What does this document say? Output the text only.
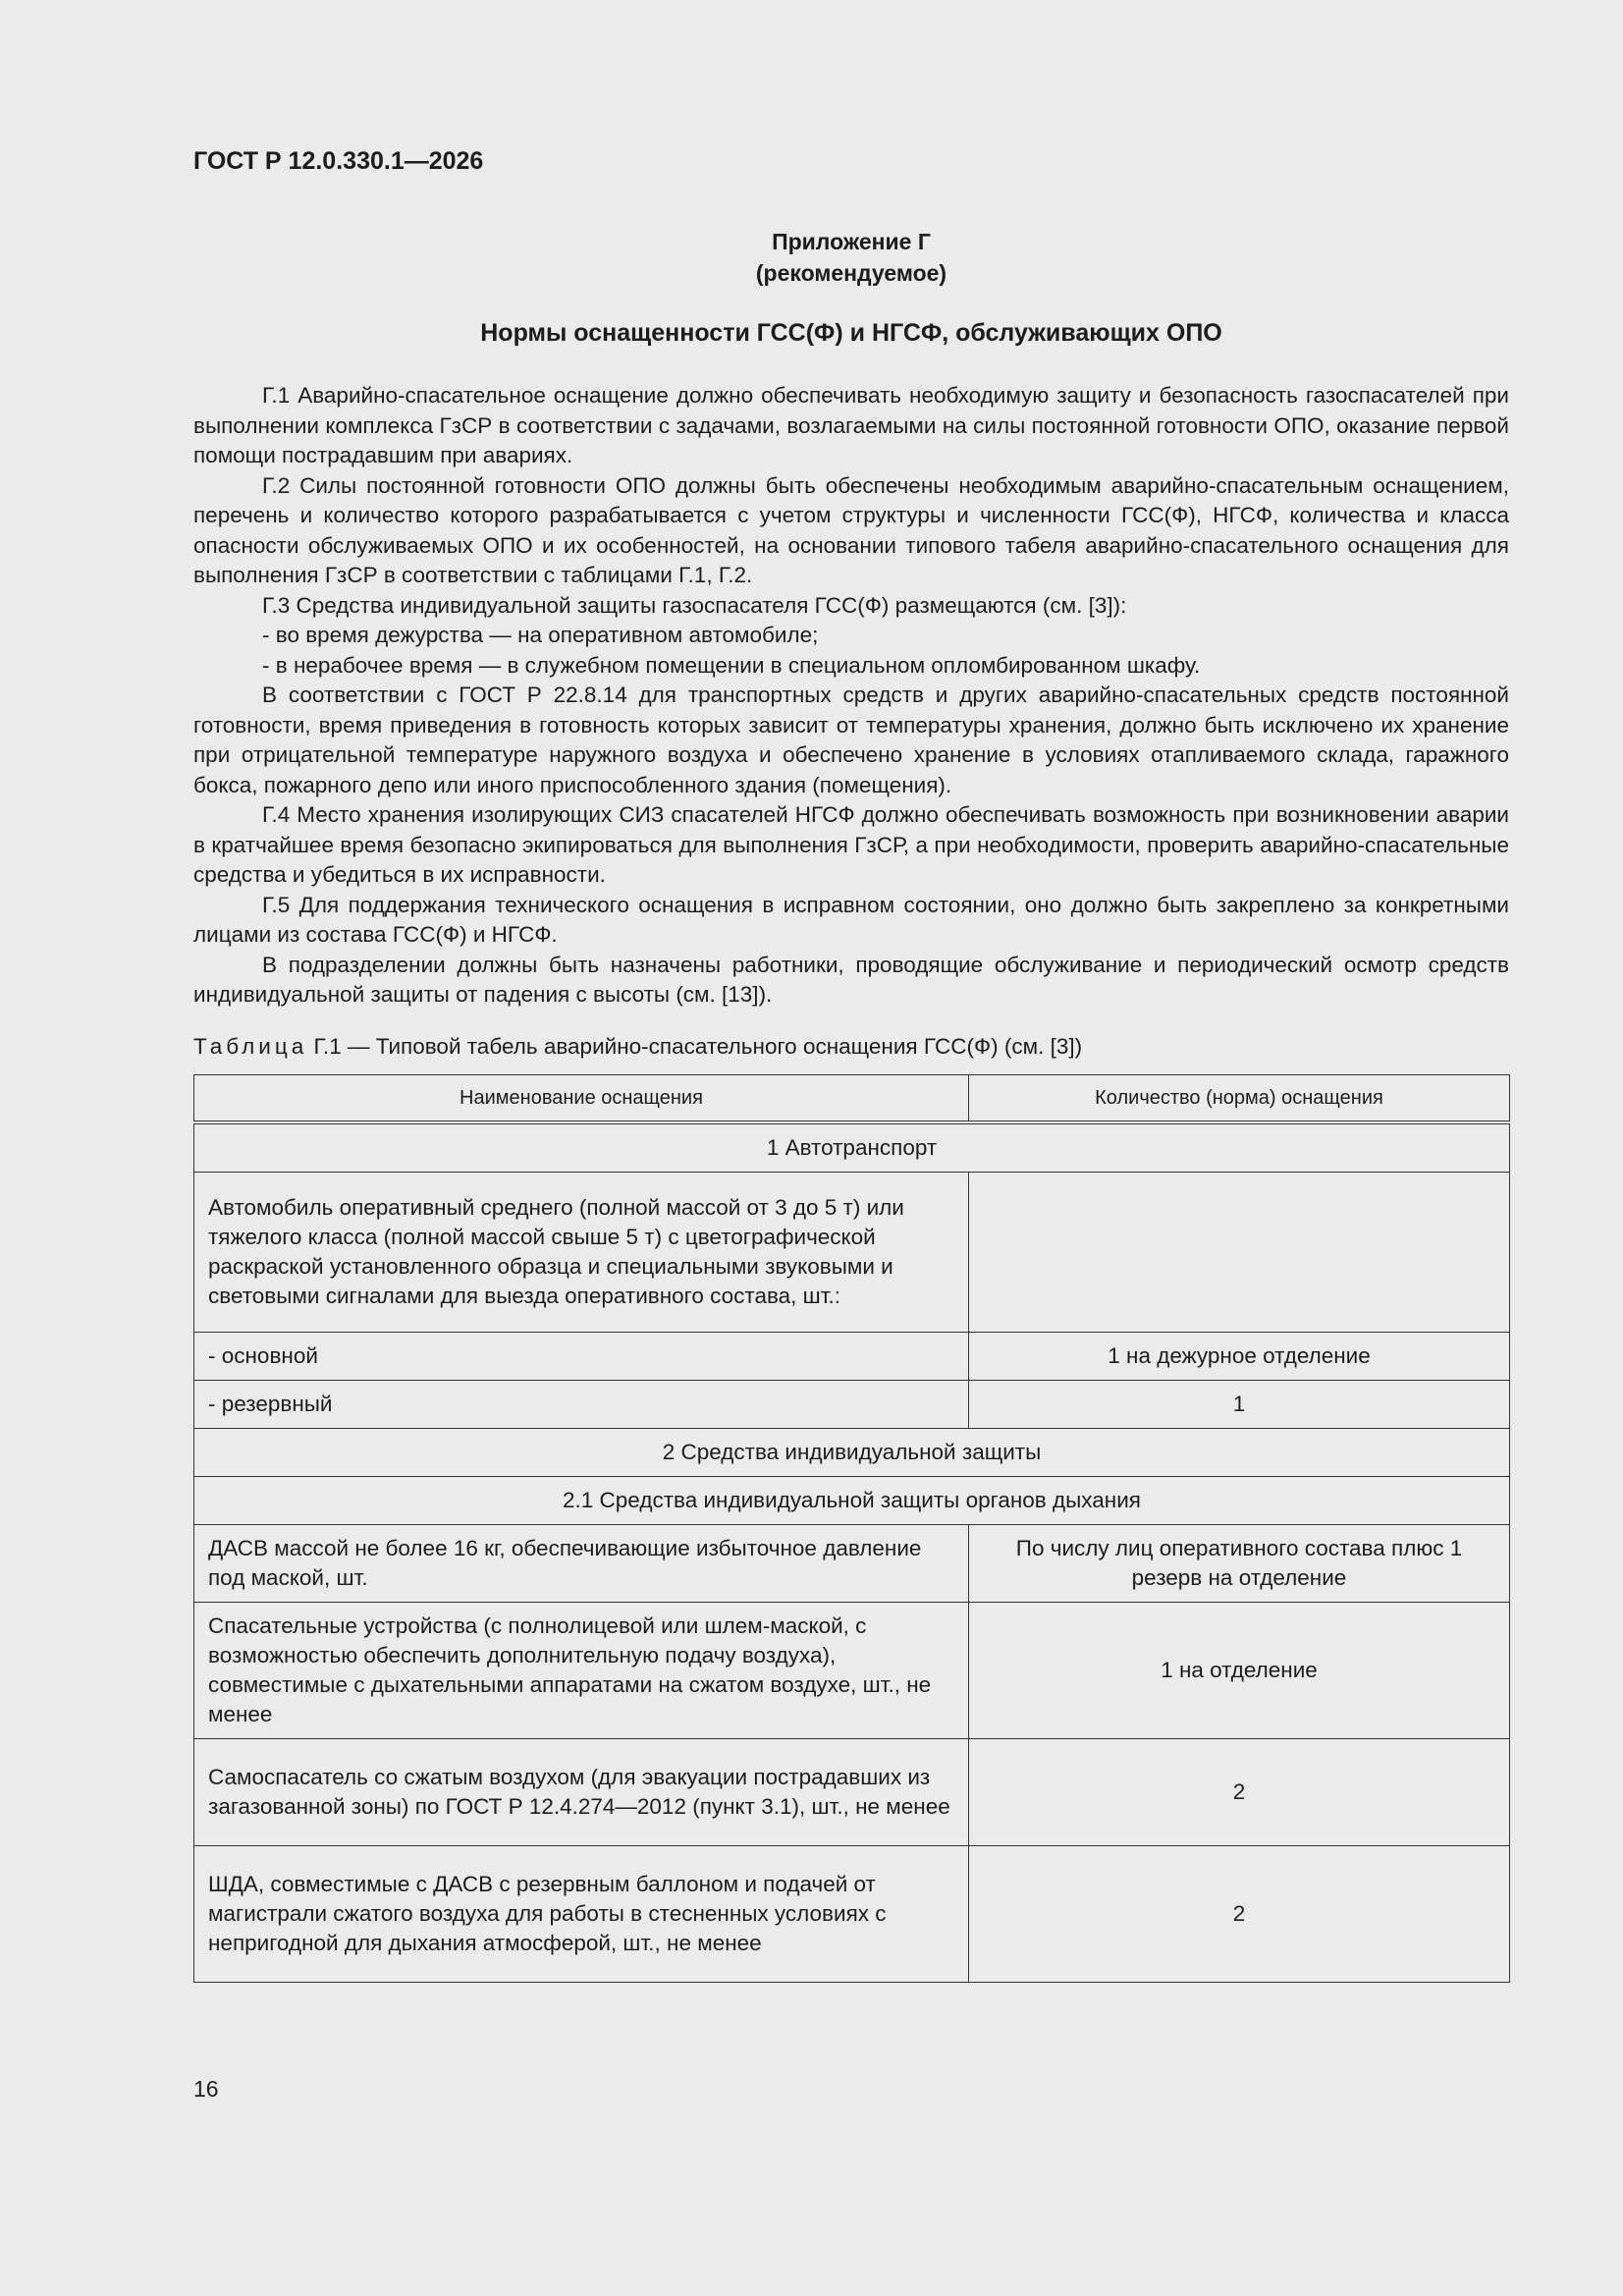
ГОСТ Р 12.0.330.1—2026
Приложение Г
(рекомендуемое)
Нормы оснащенности ГСС(Ф) и НГСФ, обслуживающих ОПО

Г.1 Аварийно-спасательное оснащение должно обеспечивать необходимую защиту и безопасность газоспасателей при выполнении комплекса ГзСР в соответствии с задачами, возлагаемыми на силы постоянной готовности ОПО, оказание первой помощи пострадавшим при авариях.

Г.2 Силы постоянной готовности ОПО должны быть обеспечены необходимым аварийно-спасательным оснащением, перечень и количество которого разрабатывается с учетом структуры и численности ГСС(Ф), НГСФ, количества и класса опасности обслуживаемых ОПО и их особенностей, на основании типового табеля аварийно-спасательного оснащения для выполнения ГзСР в соответствии с таблицами Г.1, Г.2.

Г.3 Средства индивидуальной защиты газоспасателя ГСС(Ф) размещаются (см. [3]):

- во время дежурства — на оперативном автомобиле;

- в нерабочее время — в служебном помещении в специальном опломбированном шкафу.

В соответствии с ГОСТ Р 22.8.14 для транспортных средств и других аварийно-спасательных средств постоянной готовности, время приведения в готовность которых зависит от температуры хранения, должно быть исключено их хранение при отрицательной температуре наружного воздуха и обеспечено хранение в условиях отапливаемого склада, гаражного бокса, пожарного депо или иного приспособленного здания (помещения).

Г.4 Место хранения изолирующих СИЗ спасателей НГСФ должно обеспечивать возможность при возникновении аварии в кратчайшее время безопасно экипироваться для выполнения ГзСР, а при необходимости, проверить аварийно-спасательные средства и убедиться в их исправности.

Г.5 Для поддержания технического оснащения в исправном состоянии, оно должно быть закреплено за конкретными лицами из состава ГСС(Ф) и НГСФ.

В подразделении должны быть назначены работники, проводящие обслуживание и периодический осмотр средств индивидуальной защиты от падения с высоты (см. [13]).

Таблица Г.1 — Типовой табель аварийно-спасательного оснащения ГСС(Ф) (см. [3])
Наименование оснащения	Количество (норма) оснащения
1 Автотранспорт	
Автомобиль оперативный среднего (полной массой от 3 до 5 т) или тяжелого класса (полной массой свыше 5 т) с цветографической раскраской установленного образца и специальными звуковыми и световыми сигналами для выезда оперативного состава, шт.:	
- основной	1 на дежурное отделение
- резервный	1
2 Средства индивидуальной защиты	
2.1 Средства индивидуальной защиты органов дыхания	
ДАСВ массой не более 16 кг, обеспечивающие избыточное давление под маской, шт.	По числу лиц оперативного состава плюс 1 резерв на отделение
Спасательные устройства (с полнолицевой или шлем-маской, с возможностью обеспечить дополнительную подачу воздуха), совместимые с дыхательными аппаратами на сжатом воздухе, шт., не менее	1 на отделение
Самоспасатель со сжатым воздухом (для эвакуации пострадавших из загазованной зоны) по ГОСТ Р 12.4.274—2012 (пункт 3.1), шт., не менее	2
ШДА, совместимые с ДАСВ с резервным баллоном и подачей от магистрали сжатого воздуха для работы в стесненных условиях с непригодной для дыхания атмосферой, шт., не менее	2
16
